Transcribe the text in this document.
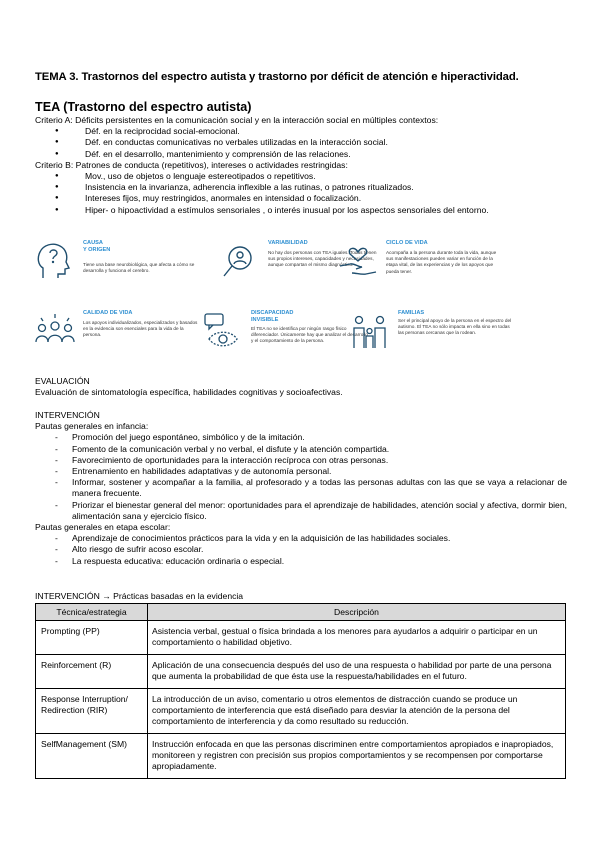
TEMA 3. Trastornos del espectro autista y trastorno por déficit de atención e hiperactividad.
TEA (Trastorno del espectro autista)
Criterio A: Déficits persistentes en la comunicación social y en la interacción social en múltiples contextos:
● Déf. en la reciprocidad social-emocional.
● Déf. en conductas comunicativas no verbales utilizadas en la interacción social.
● Déf. en el desarrollo, mantenimiento y comprensión de las relaciones.
Criterio B: Patrones de conducta (repetitivos), intereses o actividades restringidas:
● Mov., uso de objetos o lenguaje estereotipados o repetitivos.
● Insistencia en la invarianza, adherencia inflexible a las rutinas, o patrones ritualizados.
● Intereses fijos, muy restringidos, anormales en intensidad o focalización.
● Hiper- o hipoactividad a estímulos sensoriales , o interés inusual por los aspectos sensoriales del entorno.
CAUSA
Y ORIGEN
Tiene una base neurobiológica, que afecta a cómo se desarrolla y funciona el cerebro.
VARIABILIDAD
No hay dos personas con TEA iguales. Todas tienen sus propios intereses, capacidades y necesidades, aunque compartan el mismo diagnóstico.
CICLO DE VIDA
Acompaña a la persona durante toda la vida, aunque sus manifestaciones pueden variar en función de la etapa vital, de las experiencias y de los apoyos que pueda tener.
CALIDAD DE VIDA
Los apoyos individualizados, especializados y basados en la evidencia son esenciales para la vida de la persona.
DISCAPACIDAD
INVISIBLE
El TEA no se identifica por ningún rasgo físico diferenciador. Únicamente hay que analizar el desarrollo y el comportamiento de la persona.
FAMILIAS
Ser el principal apoyo de la persona en el espectro del autismo. El TEA no sólo impacta en ella sino en todas las personas cercanas que la rodean.
EVALUACIÓN
Evaluación de sintomatología específica, habilidades cognitivas y socioafectivas.
INTERVENCIÓN
Pautas generales en infancia:
- Promoción del juego espontáneo, simbólico y de la imitación.
- Fomento de la comunicación verbal y no verbal, el disfute y la atención compartida.
- Favorecimiento de oportunidades para la interacción recíproca con otras personas.
- Entrenamiento en habilidades adaptativas y de autonomía personal.
- Informar, sostener y acompañar a la familia, al profesorado y a todas las personas adultas con las que se vaya a relacionar de manera frecuente.
- Priorizar el bienestar general del menor: oportunidades para el aprendizaje de habilidades, atención social y afectiva, dormir bien, alimentación sana y ejercicio físico.
Pautas generales en etapa escolar:
- Aprendizaje de conocimientos prácticos para la vida y en la adquisición de las habilidades sociales.
- Alto riesgo de sufrir acoso escolar.
- La respuesta educativa: educación ordinaria o especial.
INTERVENCIÓN → Prácticas basadas en la evidencia
Técnica/estrategia	Descripción
Prompting (PP)	Asistencia verbal, gestual o física brindada a los menores para ayudarlos a adquirir o participar en un comportamiento o habilidad objetivo.
Reinforcement (R)	Aplicación de una consecuencia después del uso de una respuesta o habilidad por parte de una persona que aumenta la probabilidad de que ésta use la respuesta/habilidades en el futuro.
Response Interruption/ Redirection (RIR)	La introducción de un aviso, comentario u otros elementos de distracción cuando se produce un comportamiento de interferencia que está diseñado para desviar la atención de la persona del comportamiento de interferencia y da como resultado su reducción.
SelfManagement (SM)	Instrucción enfocada en que las personas discriminen entre comportamientos apropiados e inapropiados, monitoreen y registren con precisión sus propios comportamientos y se recompensen por comportarse apropiadamente.
